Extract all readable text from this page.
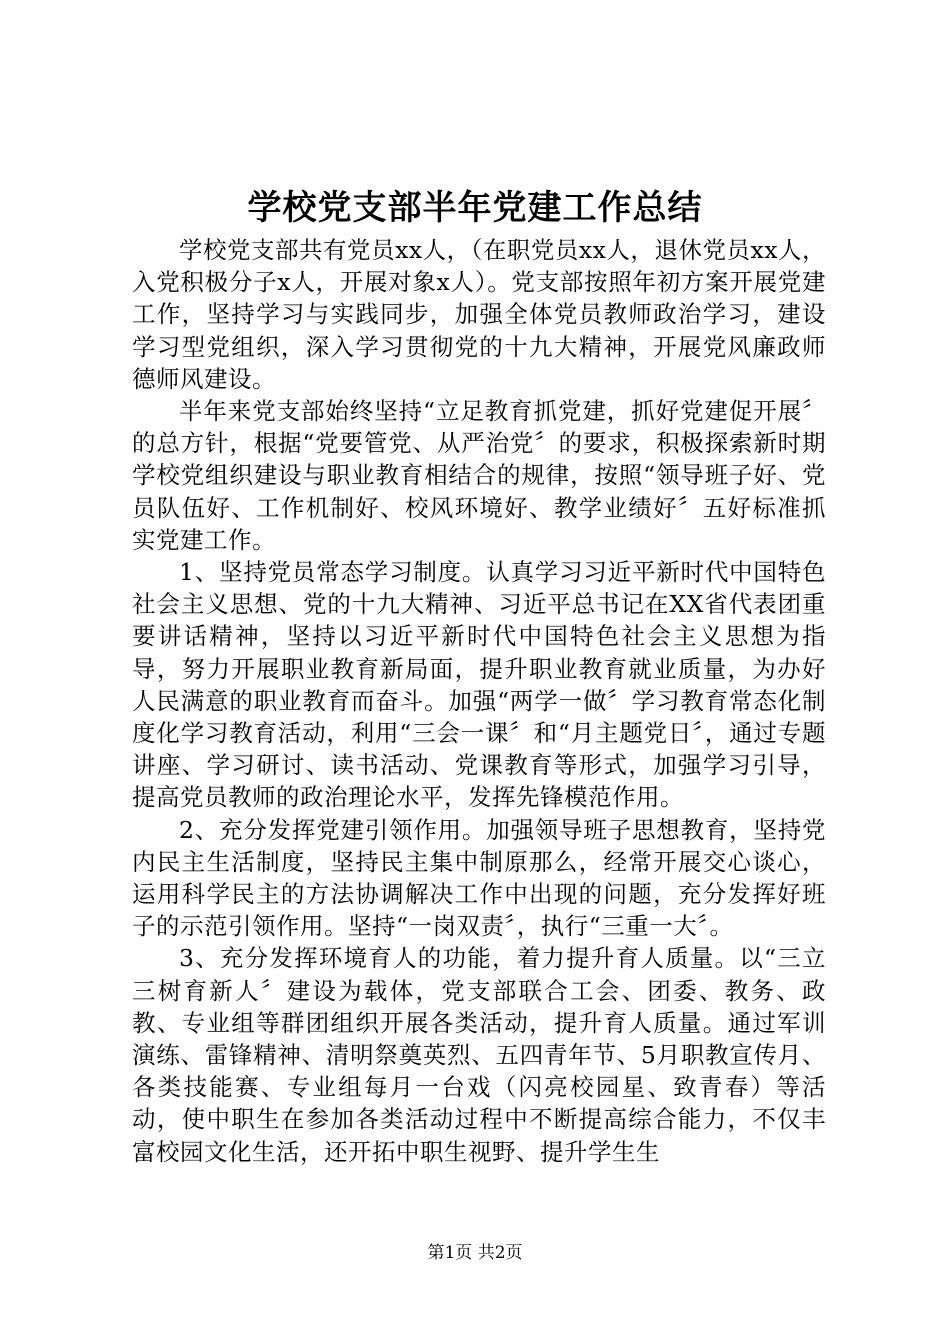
学校党支部半年党建工作总结

学校党支部共有党员xx人，（在职党员xx人，退休党员xx人，入党积极分子x人，开展对象x人）。党支部按照年初方案开展党建工作，坚持学习与实践同步，加强全体党员教师政治学习，建设学习型党组织，深入学习贯彻党的十九大精神，开展党风廉政师德师风建设。

半年来党支部始终坚持“立足教育抓党建，抓好党建促开展〞的总方针，根据“党要管党、从严治党〞的要求，积极探索新时期学校党组织建设与职业教育相结合的规律，按照“领导班子好、党员队伍好、工作机制好、校风环境好、教学业绩好〞五好标准抓实党建工作。

1、坚持党员常态学习制度。认真学习习近平新时代中国特色社会主义思想、党的十九大精神、习近平总书记在XX省代表团重要讲话精神，坚持以习近平新时代中国特色社会主义思想为指导，努力开展职业教育新局面，提升职业教育就业质量，为办好人民满意的职业教育而奋斗。加强“两学一做〞学习教育常态化制度化学习教育活动，利用“三会一课〞和“月主题党日〞，通过专题讲座、学习研讨、读书活动、党课教育等形式，加强学习引导，提高党员教师的政治理论水平，发挥先锋模范作用。

2、充分发挥党建引领作用。加强领导班子思想教育，坚持党内民主生活制度，坚持民主集中制原那么，经常开展交心谈心，运用科学民主的方法协调解决工作中出现的问题，充分发挥好班子的示范引领作用。坚持“一岗双责〞，执行“三重一大〞。

3、充分发挥环境育人的功能，着力提升育人质量。以“三立三树育新人〞建设为载体，党支部联合工会、团委、教务、政教、专业组等群团组织开展各类活动，提升育人质量。通过军训演练、雷锋精神、清明祭奠英烈、五四青年节、5月职教宣传月、各类技能赛、专业组每月一台戏（闪亮校园星、致青春）等活动，使中职生在参加各类活动过程中不断提高综合能力，不仅丰富校园文化生活，还开拓中职生视野、提升学生生

第1页 共2页
